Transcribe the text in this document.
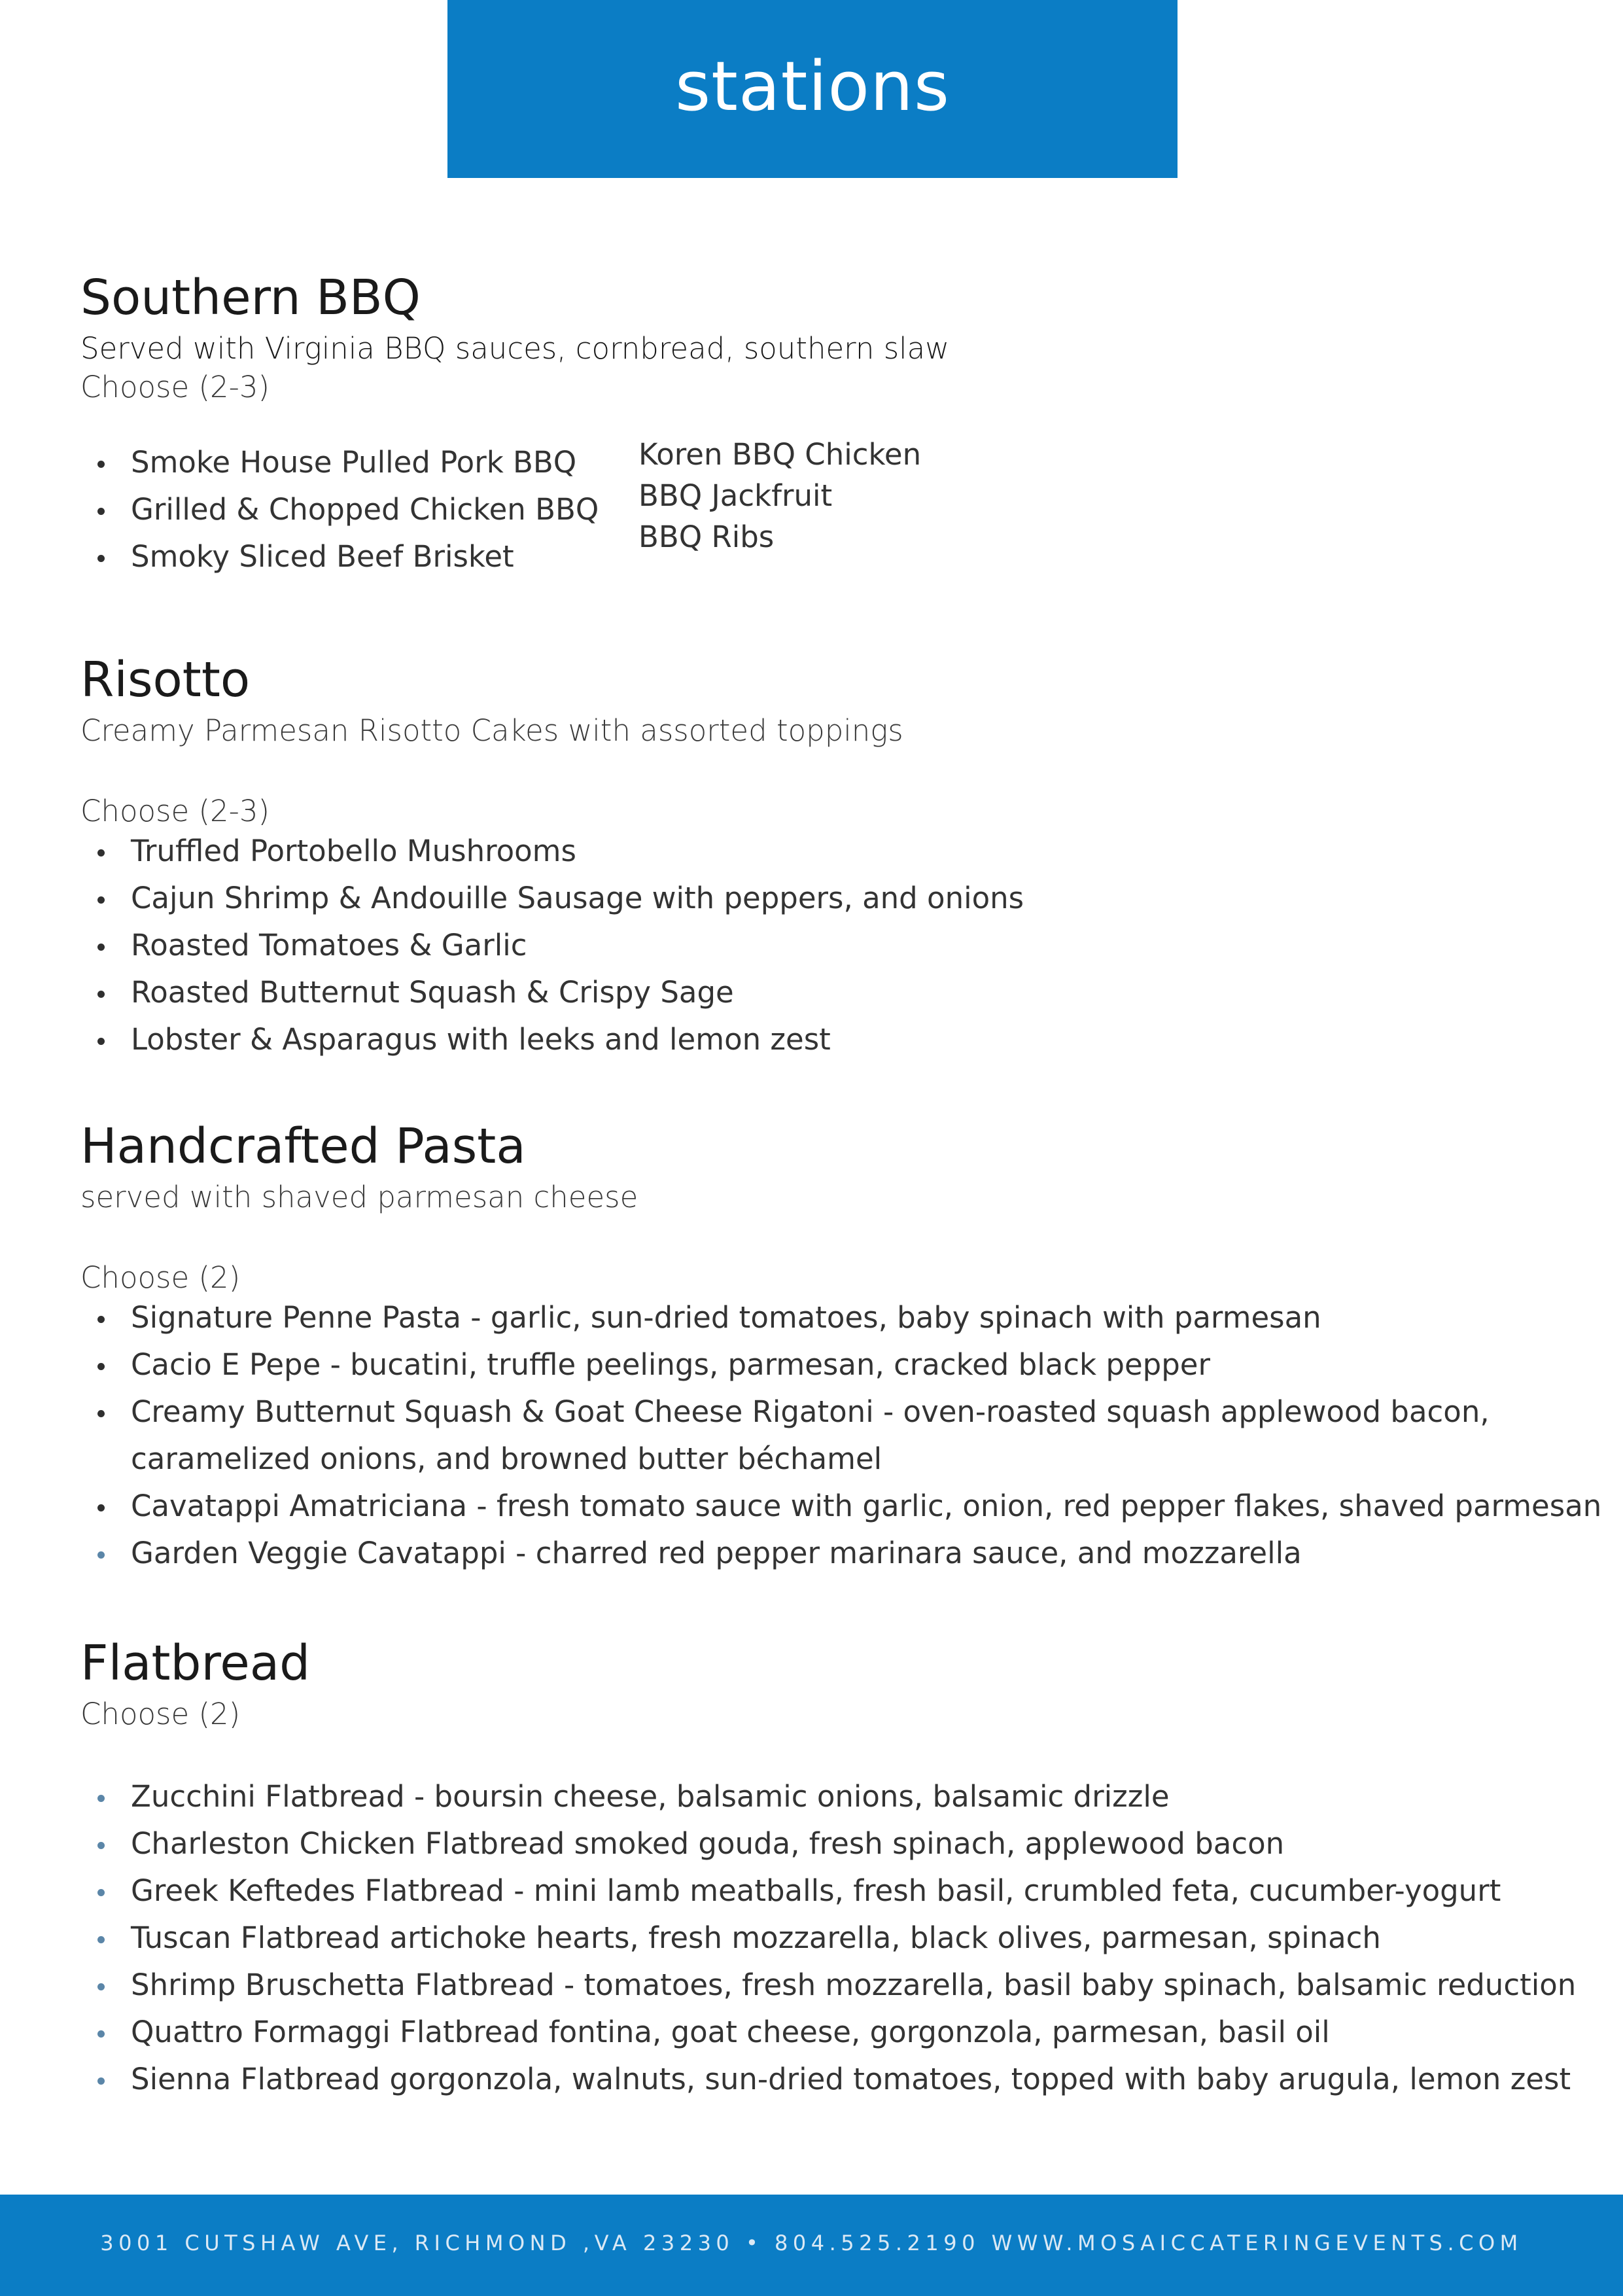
stations
Southern BBQ

Served with Virginia BBQ sauces, cornbread, southern slaw

Choose (2-3)

Smoke House Pulled Pork BBQ
Grilled & Chopped Chicken BBQ
Smoky Sliced Beef Brisket
Koren BBQ Chicken
BBQ Jackfruit
BBQ Ribs
Risotto

Creamy Parmesan Risotto Cakes with assorted toppings

Choose (2-3)

Truffled Portobello Mushrooms
Cajun Shrimp & Andouille Sausage with peppers, and onions
Roasted Tomatoes & Garlic
Roasted Butternut Squash & Crispy Sage
Lobster & Asparagus with leeks and lemon zest
Handcrafted Pasta

served with shaved parmesan cheese

Choose (2)

Signature Penne Pasta - garlic, sun-dried tomatoes, baby spinach with parmesan
Cacio E Pepe - bucatini, truffle peelings, parmesan, cracked black pepper
Creamy Butternut Squash & Goat Cheese Rigatoni - oven-roasted squash applewood bacon,
caramelized onions, and browned butter béchamel
Cavatappi Amatriciana - fresh tomato sauce with garlic, onion, red pepper flakes, shaved parmesan
Garden Veggie Cavatappi - charred red pepper marinara sauce, and mozzarella
Flatbread

Choose (2)

Zucchini Flatbread - boursin cheese, balsamic onions, balsamic drizzle
Charleston Chicken Flatbread smoked gouda, fresh spinach, applewood bacon
Greek Keftedes Flatbread - mini lamb meatballs, fresh basil, crumbled feta, cucumber-yogurt
Tuscan Flatbread artichoke hearts, fresh mozzarella, black olives, parmesan, spinach
Shrimp Bruschetta Flatbread - tomatoes, fresh mozzarella, basil baby spinach, balsamic reduction
Quattro Formaggi Flatbread fontina, goat cheese, gorgonzola, parmesan, basil oil
Sienna Flatbread gorgonzola, walnuts, sun-dried tomatoes, topped with baby arugula, lemon zest
3001 CUTSHAW AVE, RICHMOND ,VA 23230 • 804.525.2190 WWW.MOSAICCATERINGEVENTS.COM
